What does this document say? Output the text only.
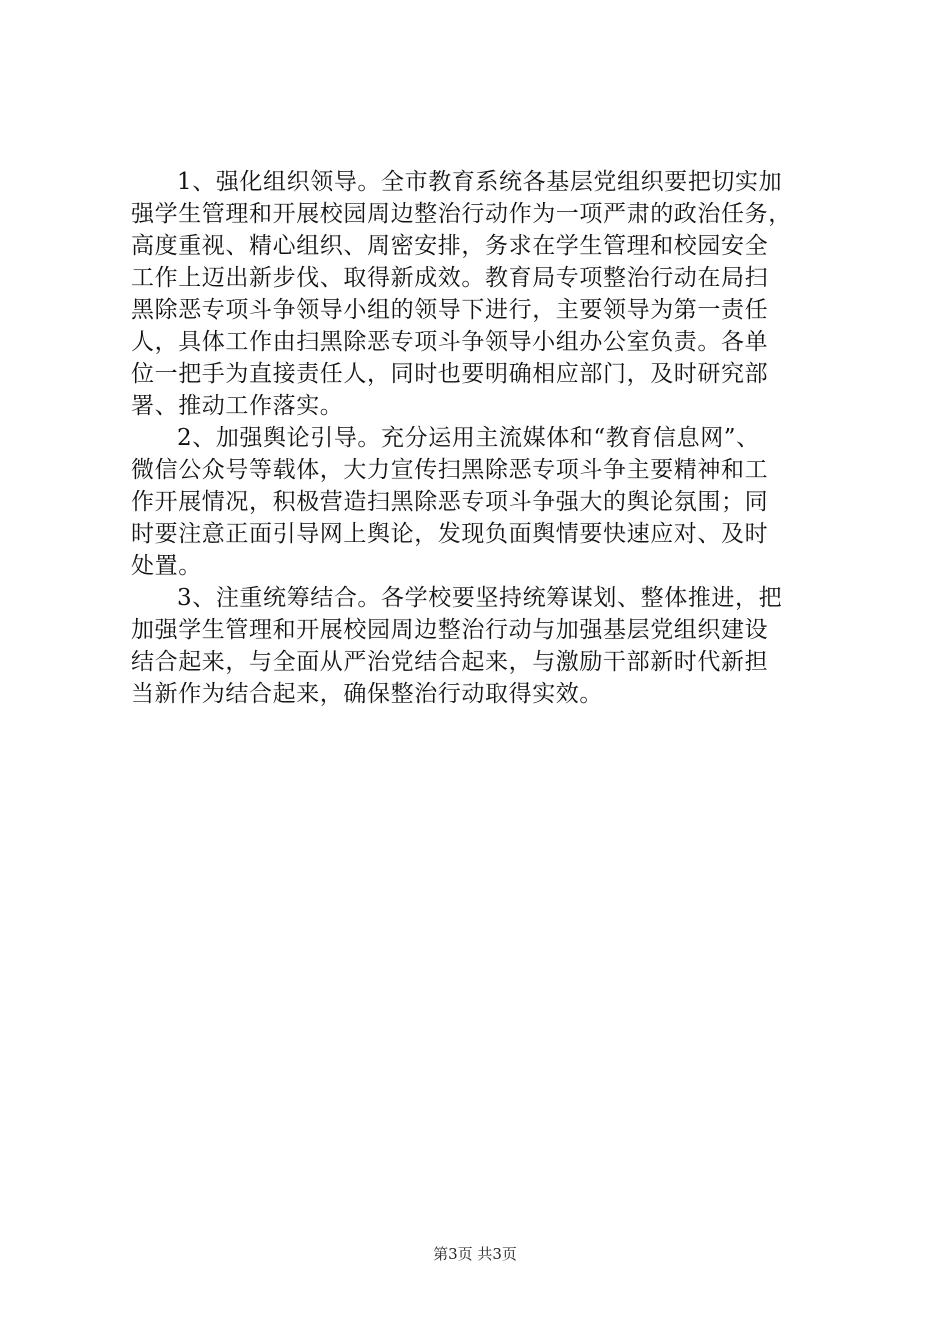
1、强化组织领导。全市教育系统各基层党组织要把切实加
强学生管理和开展校园周边整治行动作为一项严肃的政治任务，
高度重视、精心组织、周密安排，务求在学生管理和校园安全
工作上迈出新步伐、取得新成效。教育局专项整治行动在局扫
黑除恶专项斗争领导小组的领导下进行，主要领导为第一责任
人，具体工作由扫黑除恶专项斗争领导小组办公室负责。各单
位一把手为直接责任人，同时也要明确相应部门，及时研究部
署、推动工作落实。
2、加强舆论引导。充分运用主流媒体和“教育信息网”、
微信公众号等载体，大力宣传扫黑除恶专项斗争主要精神和工
作开展情况，积极营造扫黑除恶专项斗争强大的舆论氛围；同
时要注意正面引导网上舆论，发现负面舆情要快速应对、及时
处置。
3、注重统筹结合。各学校要坚持统筹谋划、整体推进，把
加强学生管理和开展校园周边整治行动与加强基层党组织建设
结合起来，与全面从严治党结合起来，与激励干部新时代新担
当新作为结合起来，确保整治行动取得实效。
第3页 共3页
